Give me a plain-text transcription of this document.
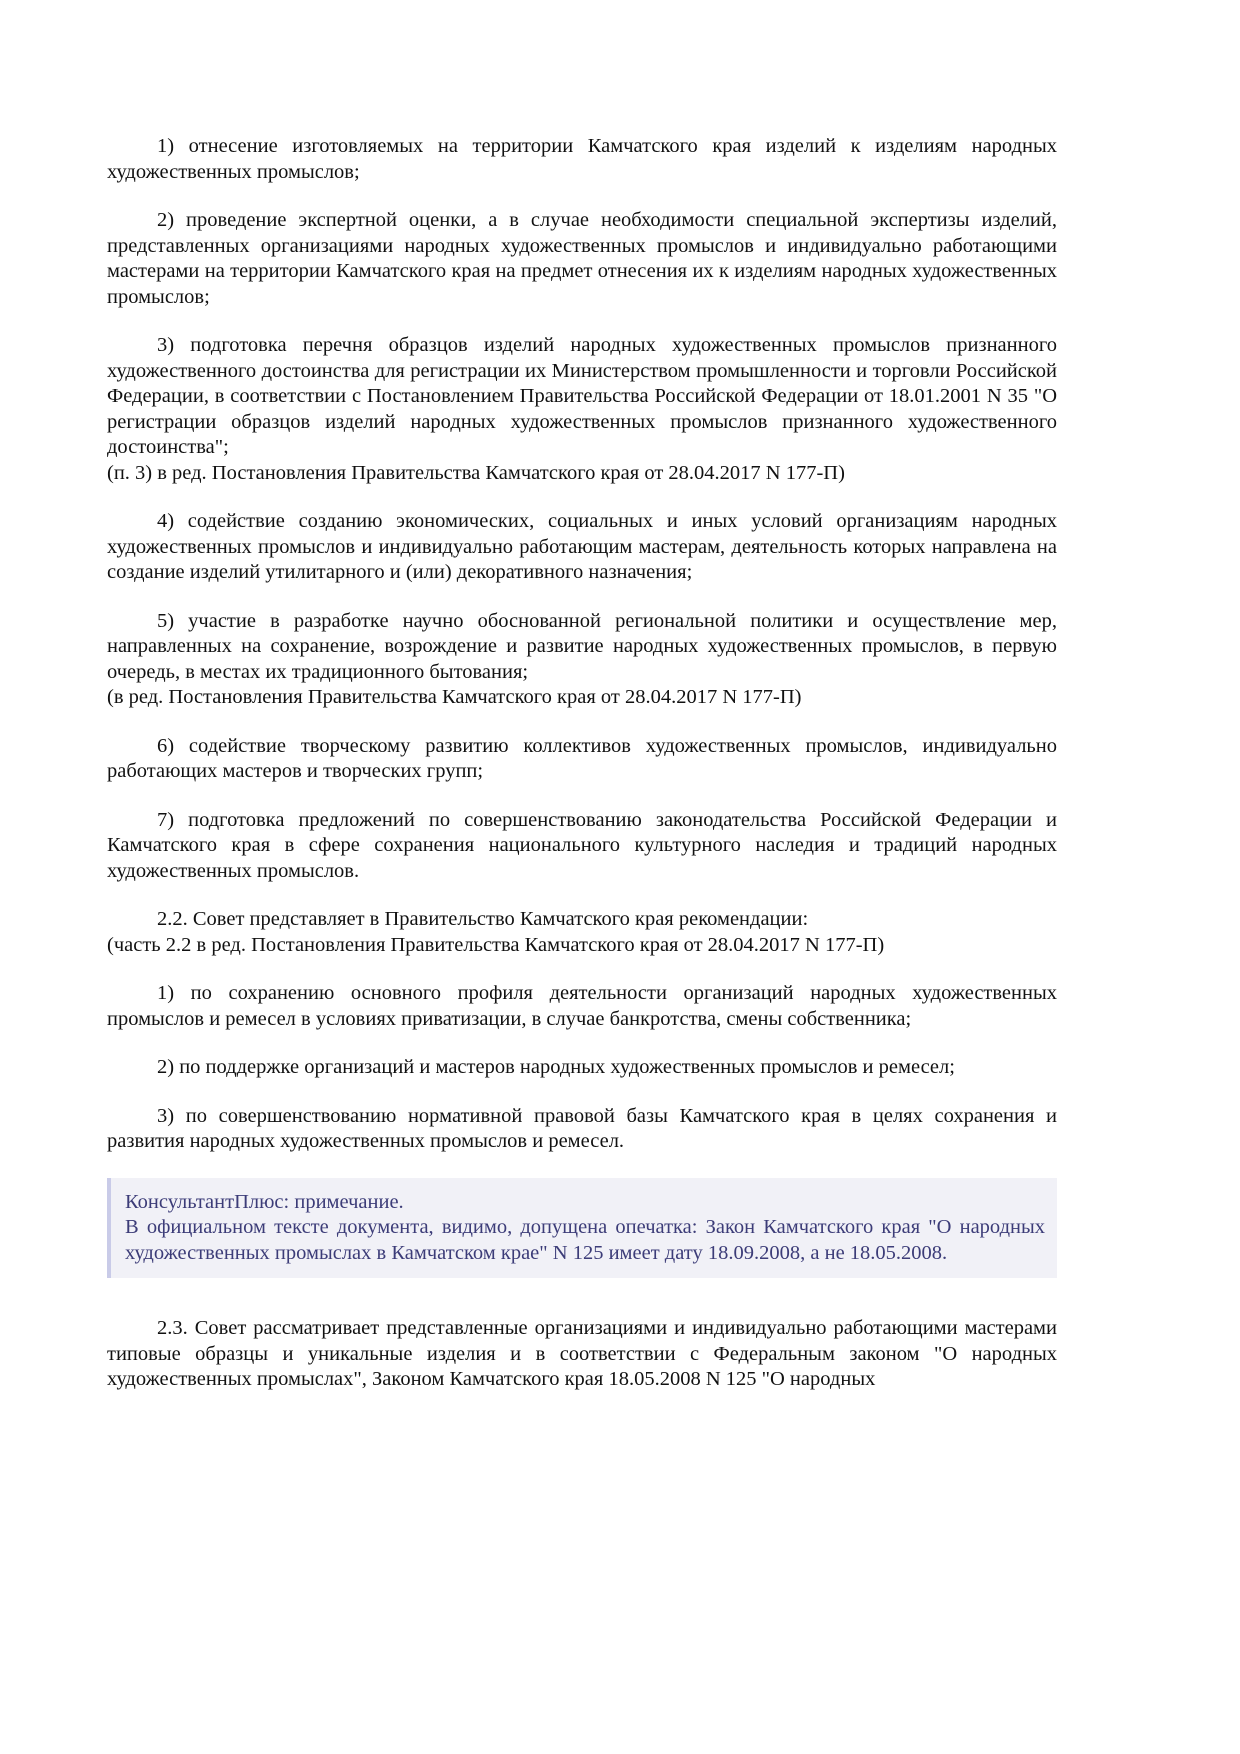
1) отнесение изготовляемых на территории Камчатского края изделий к изделиям народных художественных промыслов;

2) проведение экспертной оценки, а в случае необходимости специальной экспертизы изделий, представленных организациями народных художественных промыслов и индивидуально работающими мастерами на территории Камчатского края на предмет отнесения их к изделиям народных художественных промыслов;

3) подготовка перечня образцов изделий народных художественных промыслов признанного художественного достоинства для регистрации их Министерством промышленности и торговли Российской Федерации, в соответствии с Постановлением Правительства Российской Федерации от 18.01.2001 N 35 "О регистрации образцов изделий народных художественных промыслов признанного художественного достоинства";

(п. 3) в ред. Постановления Правительства Камчатского края от 28.04.2017 N 177-П)

4) содействие созданию экономических, социальных и иных условий организациям народных художественных промыслов и индивидуально работающим мастерам, деятельность которых направлена на создание изделий утилитарного и (или) декоративного назначения;

5) участие в разработке научно обоснованной региональной политики и осуществление мер, направленных на сохранение, возрождение и развитие народных художественных промыслов, в первую очередь, в местах их традиционного бытования;

(в ред. Постановления Правительства Камчатского края от 28.04.2017 N 177-П)

6) содействие творческому развитию коллективов художественных промыслов, индивидуально работающих мастеров и творческих групп;

7) подготовка предложений по совершенствованию законодательства Российской Федерации и Камчатского края в сфере сохранения национального культурного наследия и традиций народных художественных промыслов.

2.2. Совет представляет в Правительство Камчатского края рекомендации:

(часть 2.2 в ред. Постановления Правительства Камчатского края от 28.04.2017 N 177-П)

1) по сохранению основного профиля деятельности организаций народных художественных промыслов и ремесел в условиях приватизации, в случае банкротства, смены собственника;

2) по поддержке организаций и мастеров народных художественных промыслов и ремесел;

3) по совершенствованию нормативной правовой базы Камчатского края в целях сохранения и развития народных художественных промыслов и ремесел.

КонсультантПлюс: примечание.
В официальном тексте документа, видимо, допущена опечатка: Закон Камчатского края "О народных художественных промыслах в Камчатском крае" N 125 имеет дату 18.09.2008, а не 18.05.2008.

2.3. Совет рассматривает представленные организациями и индивидуально работающими мастерами типовые образцы и уникальные изделия и в соответствии с Федеральным законом "О народных художественных промыслах", Законом Камчатского края 18.05.2008 N 125 "О народных
